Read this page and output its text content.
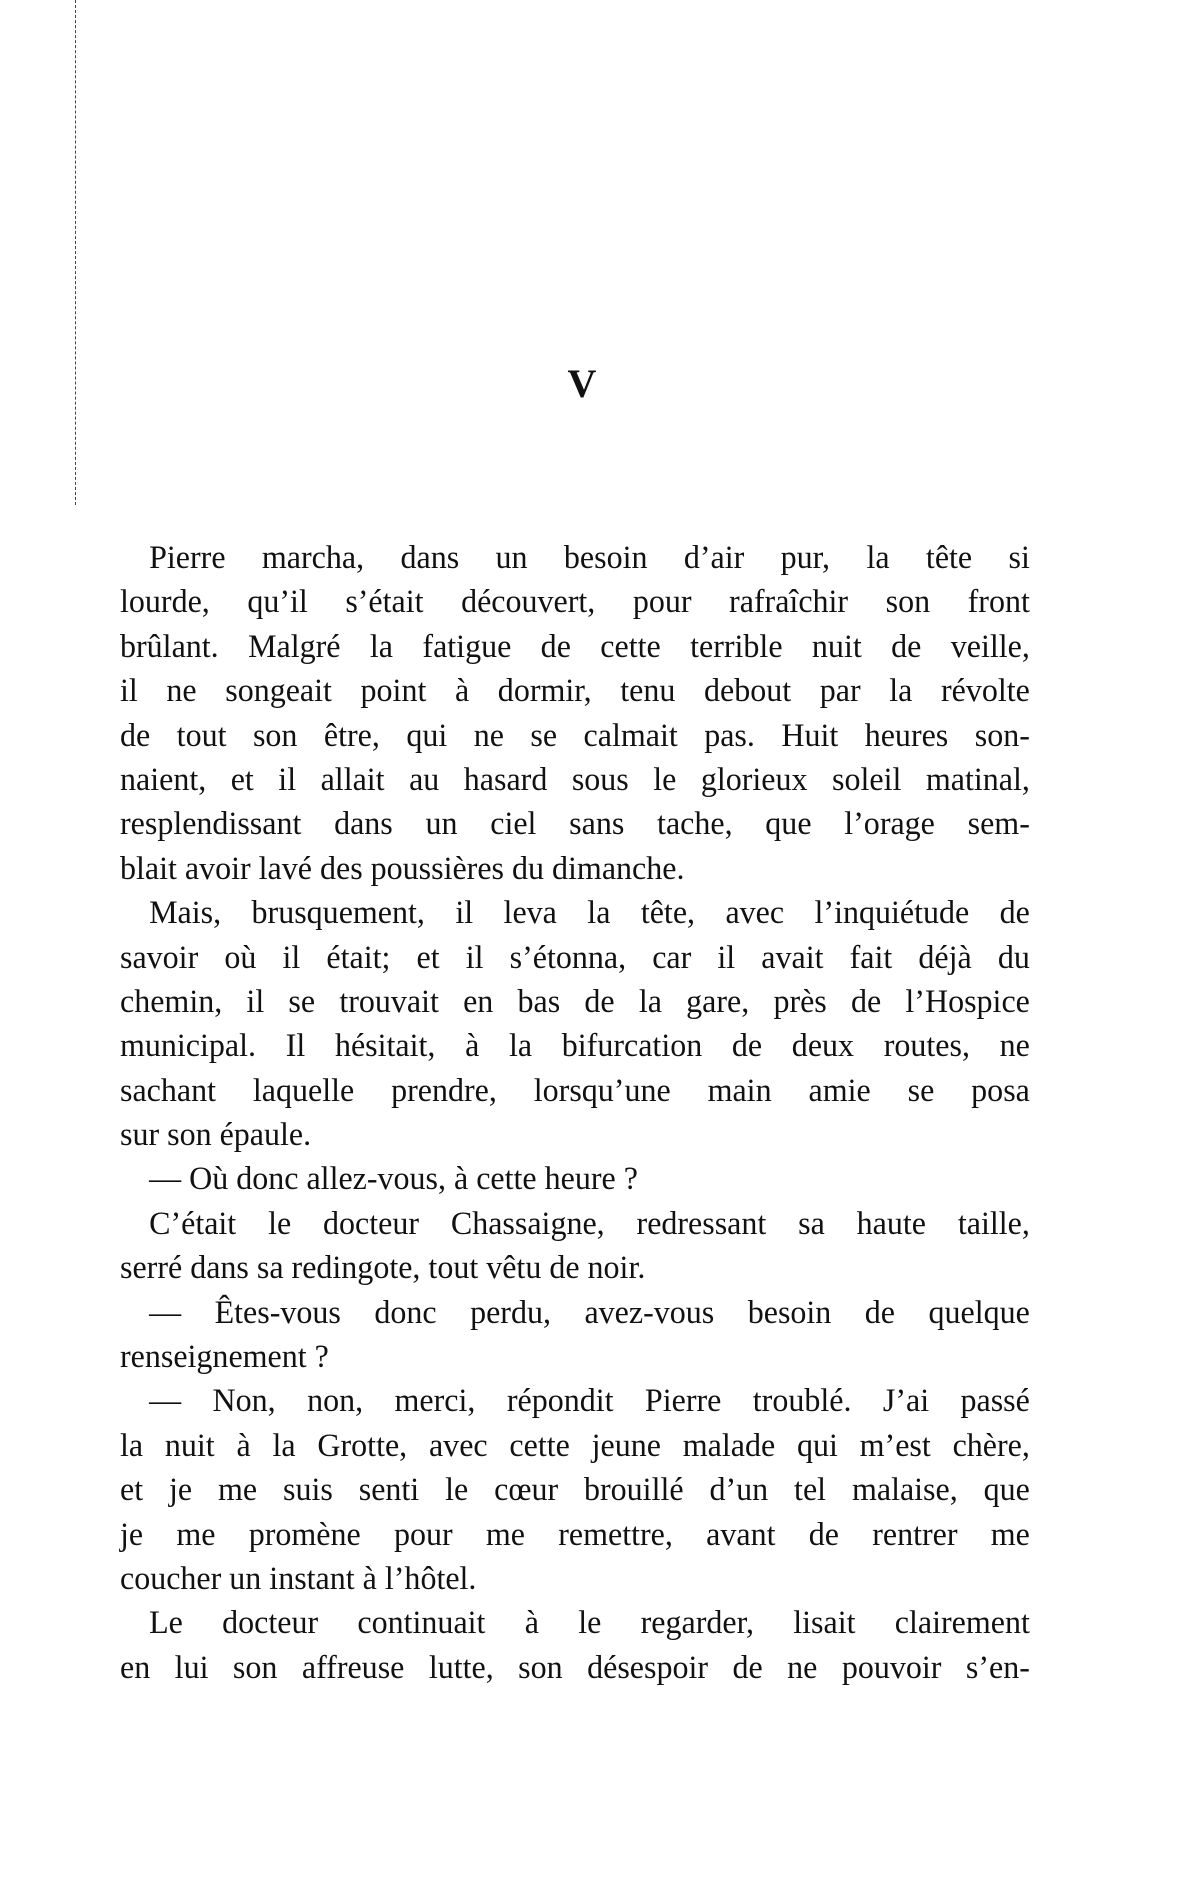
V
Pierre marcha, dans un besoin d’air pur, la tête si
lourde, qu’il s’était découvert, pour rafraîchir son front
brûlant. Malgré la fatigue de cette terrible nuit de veille,
il ne songeait point à dormir, tenu debout par la révolte
de tout son être, qui ne se calmait pas. Huit heures son-
naient, et il allait au hasard sous le glorieux soleil matinal,
resplendissant dans un ciel sans tache, que l’orage sem-
blait avoir lavé des poussières du dimanche.
Mais, brusquement, il leva la tête, avec l’inquiétude de
savoir où il était; et il s’étonna, car il avait fait déjà du
chemin, il se trouvait en bas de la gare, près de l’Hospice
municipal. Il hésitait, à la bifurcation de deux routes, ne
sachant laquelle prendre, lorsqu’une main amie se posa
sur son épaule.
— Où donc allez-vous, à cette heure ?
C’était le docteur Chassaigne, redressant sa haute taille,
serré dans sa redingote, tout vêtu de noir.
— Êtes-vous donc perdu, avez-vous besoin de quelque
renseignement ?
— Non, non, merci, répondit Pierre troublé. J’ai passé
la nuit à la Grotte, avec cette jeune malade qui m’est chère,
et je me suis senti le cœur brouillé d’un tel malaise, que
je me promène pour me remettre, avant de rentrer me
coucher un instant à l’hôtel.
Le docteur continuait à le regarder, lisait clairement
en lui son affreuse lutte, son désespoir de ne pouvoir s’en-
